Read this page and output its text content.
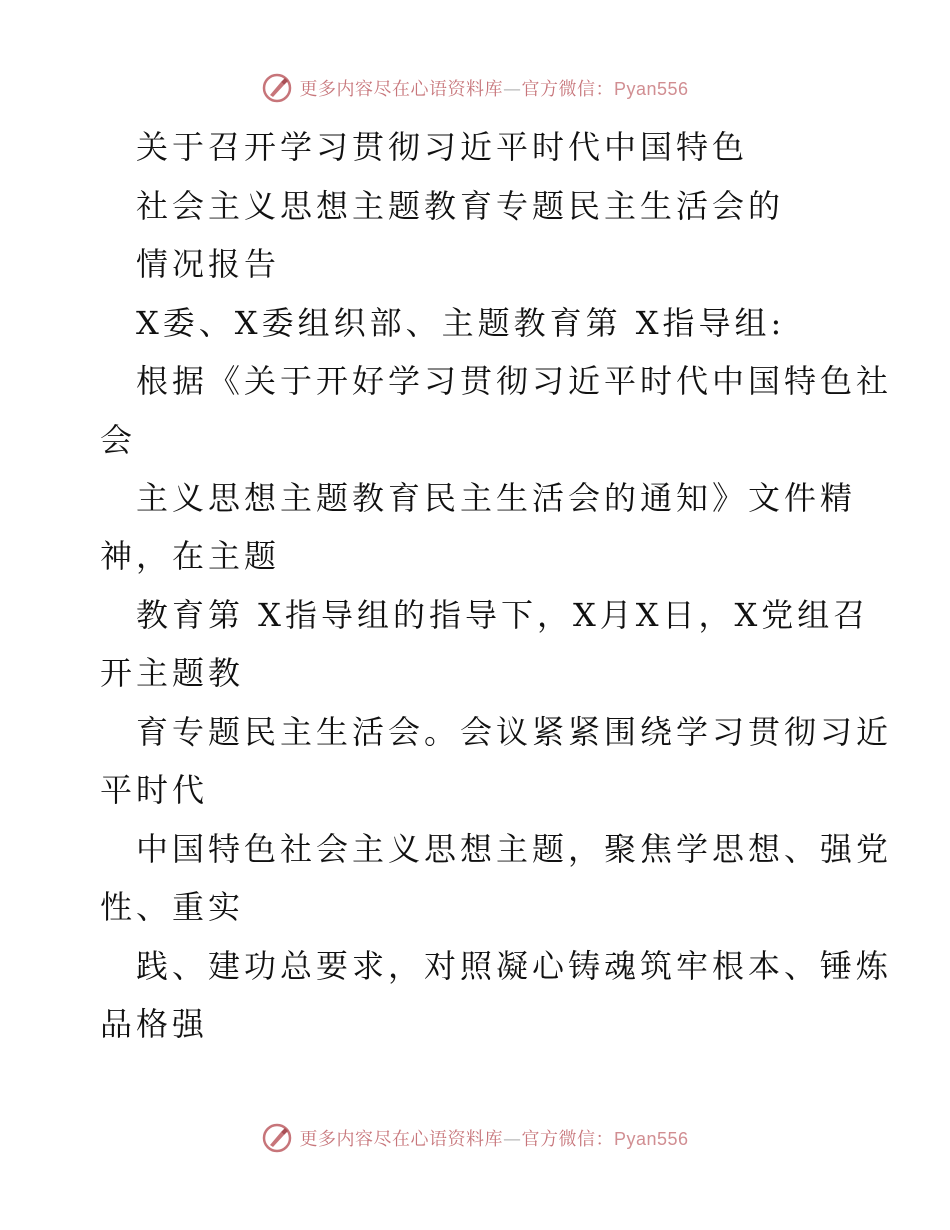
更多内容尽在心语资料库—官方微信：Pyan556
关于召开学习贯彻习近平时代中国特色
社会主义思想主题教育专题民主生活会的
情况报告
X委、X委组织部、主题教育第 X指导组:
根据《关于开好学习贯彻习近平时代中国特色社
会
主义思想主题教育民主生活会的通知》文件精
神，在主题
教育第 X指导组的指导下，X月X日，X党组召
开主题教
育专题民主生活会。会议紧紧围绕学习贯彻习近
平时代
中国特色社会主义思想主题，聚焦学思想、强党
性、重实
践、建功总要求，对照凝心铸魂筑牢根本、锤炼
品格强
更多内容尽在心语资料库—官方微信：Pyan556
